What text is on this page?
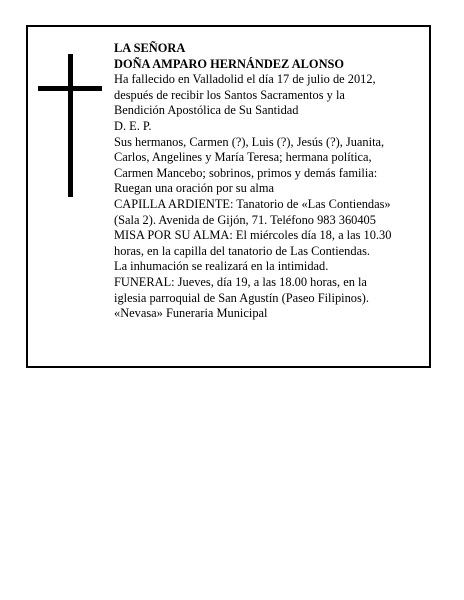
LA SEÑORA
DOÑA AMPARO HERNÁNDEZ ALONSO
Ha fallecido en Valladolid el día 17 de julio de 2012,
después de recibir los Santos Sacramentos y la
Bendición Apostólica de Su Santidad
D. E. P.
Sus hermanos, Carmen (?), Luis (?), Jesús (?), Juanita,
Carlos, Angelines y María Teresa; hermana política,
Carmen Mancebo; sobrinos, primos y demás familia:
Ruegan una oración por su alma
CAPILLA ARDIENTE: Tanatorio de «Las Contiendas»
(Sala 2). Avenida de Gijón, 71. Teléfono 983 360405
MISA POR SU ALMA: El miércoles día 18, a las 10.30
horas, en la capilla del tanatorio de Las Contiendas.
La inhumación se realizará en la intimidad.
FUNERAL: Jueves, día 19, a las 18.00 horas, en la
iglesia parroquial de San Agustín (Paseo Filipinos).
«Nevasa» Funeraria Municipal
